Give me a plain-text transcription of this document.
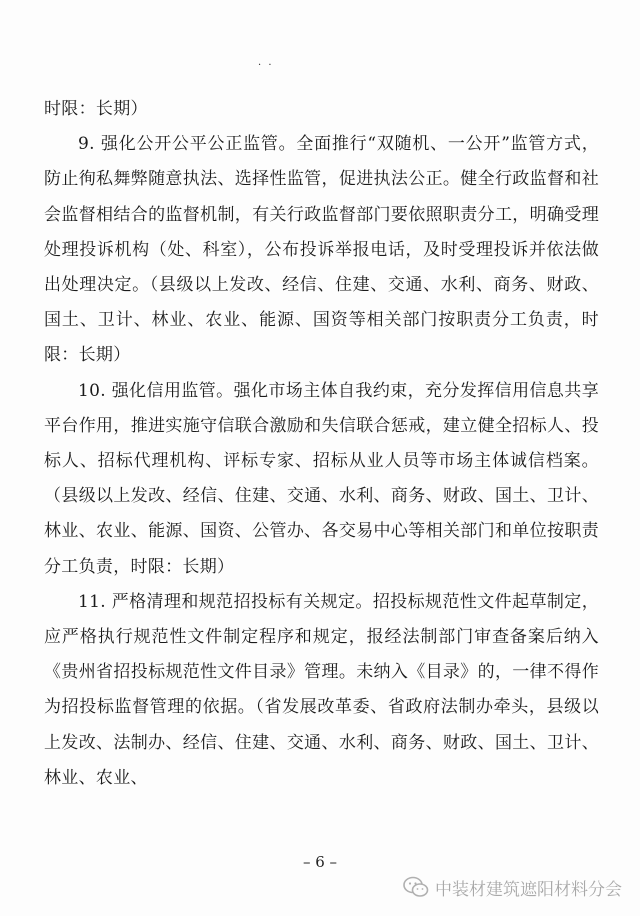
· ·

时限：长期）

9. 强化公开公平公正监管。全面推行“双随机、一公开”监管方式，防止徇私舞弊随意执法、选择性监管，促进执法公正。健全行政监督和社会监督相结合的监督机制，有关行政监督部门要依照职责分工，明确受理处理投诉机构（处、科室），公布投诉举报电话，及时受理投诉并依法做出处理决定。（县级以上发改、经信、住建、交通、水利、商务、财政、国土、卫计、林业、农业、能源、国资等相关部门按职责分工负责，时限：长期）

10. 强化信用监管。强化市场主体自我约束，充分发挥信用信息共享平台作用，推进实施守信联合激励和失信联合惩戒，建立健全招标人、投标人、招标代理机构、评标专家、招标从业人员等市场主体诚信档案。（县级以上发改、经信、住建、交通、水利、商务、财政、国土、卫计、林业、农业、能源、国资、公管办、各交易中心等相关部门和单位按职责分工负责，时限：长期）

11. 严格清理和规范招投标有关规定。招投标规范性文件起草制定，应严格执行规范性文件制定程序和规定，报经法制部门审查备案后纳入《贵州省招投标规范性文件目录》管理。未纳入《目录》的，一律不得作为招投标监督管理的依据。（省发展改革委、省政府法制办牵头，县级以上发改、法制办、经信、住建、交通、水利、商务、财政、国土、卫计、林业、农业、

– 6 –
中装材建筑遮阳材料分会
